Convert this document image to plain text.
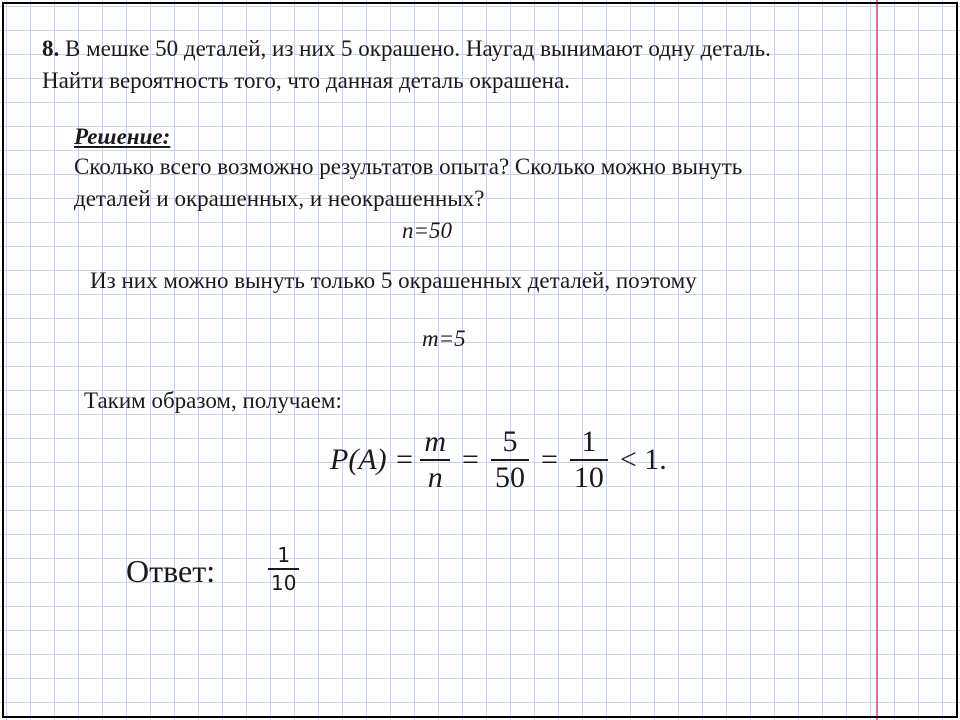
8. В мешке 50 деталей, из них 5 окрашено. Наугад вынимают одну деталь.
Найти вероятность того, что данная деталь окрашена.
Решение:
Сколько всего возможно результатов опыта? Сколько можно вынуть
деталей и окрашенных, и неокрашенных?
n=50
Из них можно вынуть только 5 окрашенных деталей, поэтому
m=5
Таким образом, получаем:
$P(A) = \frac{m}{n} = \frac{5}{50} = \frac{1}{10} < 1$.
Ответ:	1
10
